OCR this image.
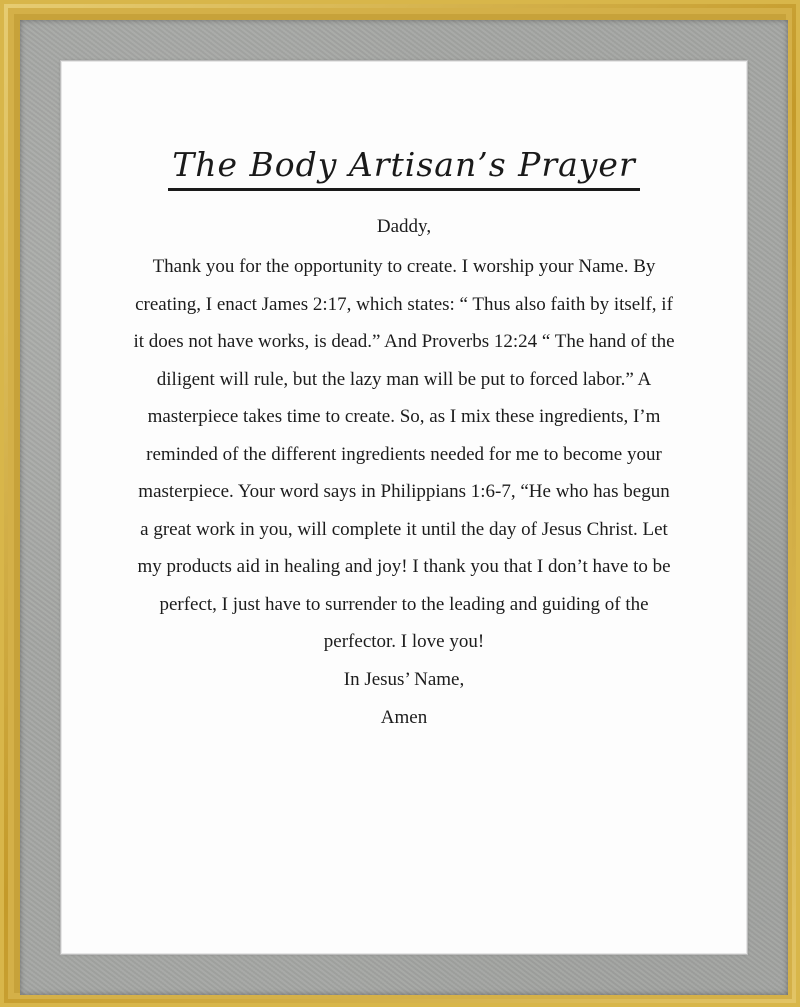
The Body Artisan’s Prayer

Daddy,

Thank you for the opportunity to create. I worship your Name. By creating, I enact James 2:17, which states: “ Thus also faith by itself, if it does not have works, is dead.” And Proverbs 12:24 “ The hand of the diligent will rule, but the lazy man will be put to forced labor.” A masterpiece takes time to create. So, as I mix these ingredients, I’m reminded of the different ingredients needed for me to become your masterpiece. Your word says in Philippians 1:6-7, “He who has begun a great work in you, will complete it until the day of Jesus Christ. Let my products aid in healing and joy! I thank you that I don’t have to be perfect, I just have to surrender to the leading and guiding of the perfector. I love you!

In Jesus’ Name,

Amen
